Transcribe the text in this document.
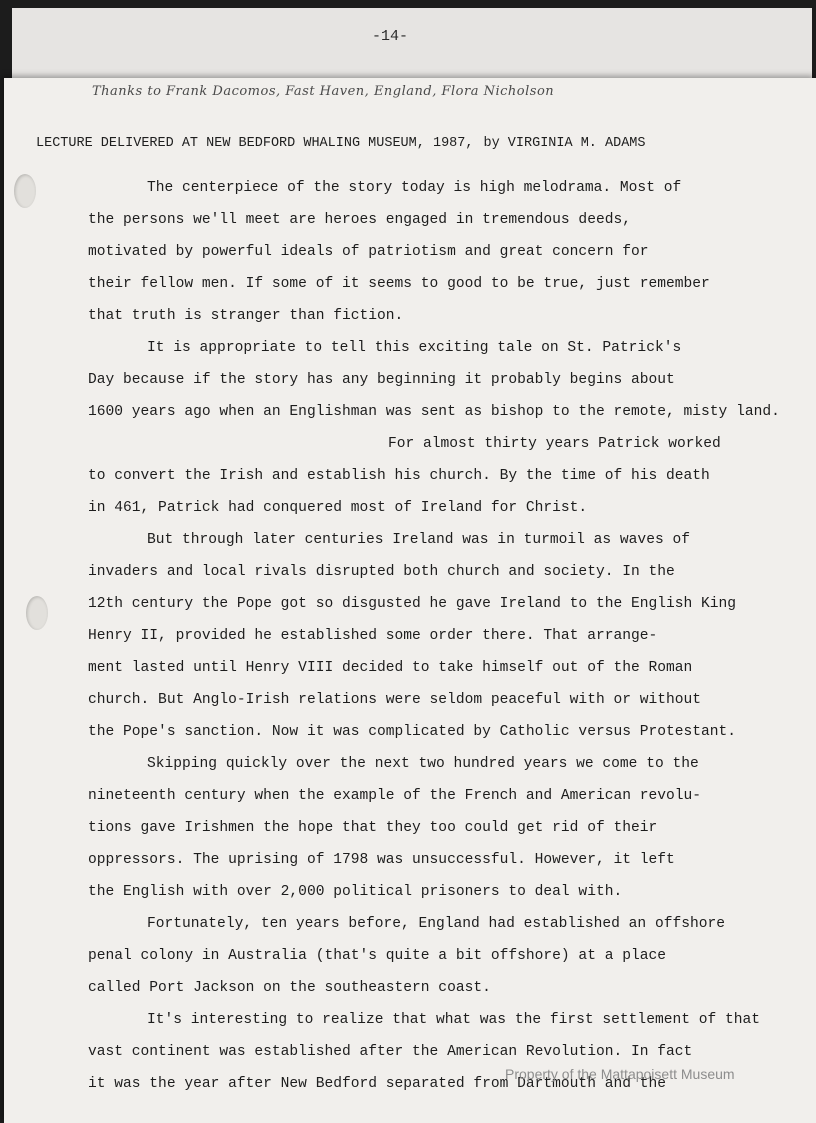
-14-
Thanks to Frank Dacomos, Fast Haven, England, Flora Nicholson
LECTURE DELIVERED AT NEW BEDFORD WHALING MUSEUM, 1987, by VIRGINIA M. ADAMS
The centerpiece of the story today is high melodrama. Most of
the persons we'll meet are heroes engaged in tremendous deeds,
motivated by powerful ideals of patriotism and great concern for
their fellow men. If some of it seems to good to be true, just remember
that truth is stranger than fiction.
It is appropriate to tell this exciting tale on St. Patrick's
Day because if the story has any beginning it probably begins about
1600 years ago when an Englishman was sent as bishop to the remote, misty land.
For almost thirty years Patrick worked
to convert the Irish and establish his church. By the time of his death
in 461, Patrick had conquered most of Ireland for Christ.
But through later centuries Ireland was in turmoil as waves of
invaders and local rivals disrupted both church and society. In the
12th century the Pope got so disgusted he gave Ireland to the English King
Henry II, provided he established some order there. That arrange-
ment lasted until Henry VIII decided to take himself out of the Roman
church. But Anglo-Irish relations were seldom peaceful with or without
the Pope's sanction. Now it was complicated by Catholic versus Protestant.
Skipping quickly over the next two hundred years we come to the
nineteenth century when the example of the French and American revolu-
tions gave Irishmen the hope that they too could get rid of their
oppressors. The uprising of 1798 was unsuccessful. However, it left
the English with over 2,000 political prisoners to deal with.
Fortunately, ten years before, England had established an offshore
penal colony in Australia (that's quite a bit offshore) at a place
called Port Jackson on the southeastern coast.
It's interesting to realize that what was the first settlement of that
vast continent was established after the American Revolution. In fact
it was the year after New Bedford separated from Dartmouth and the
Property of the Mattapoisett Museum
